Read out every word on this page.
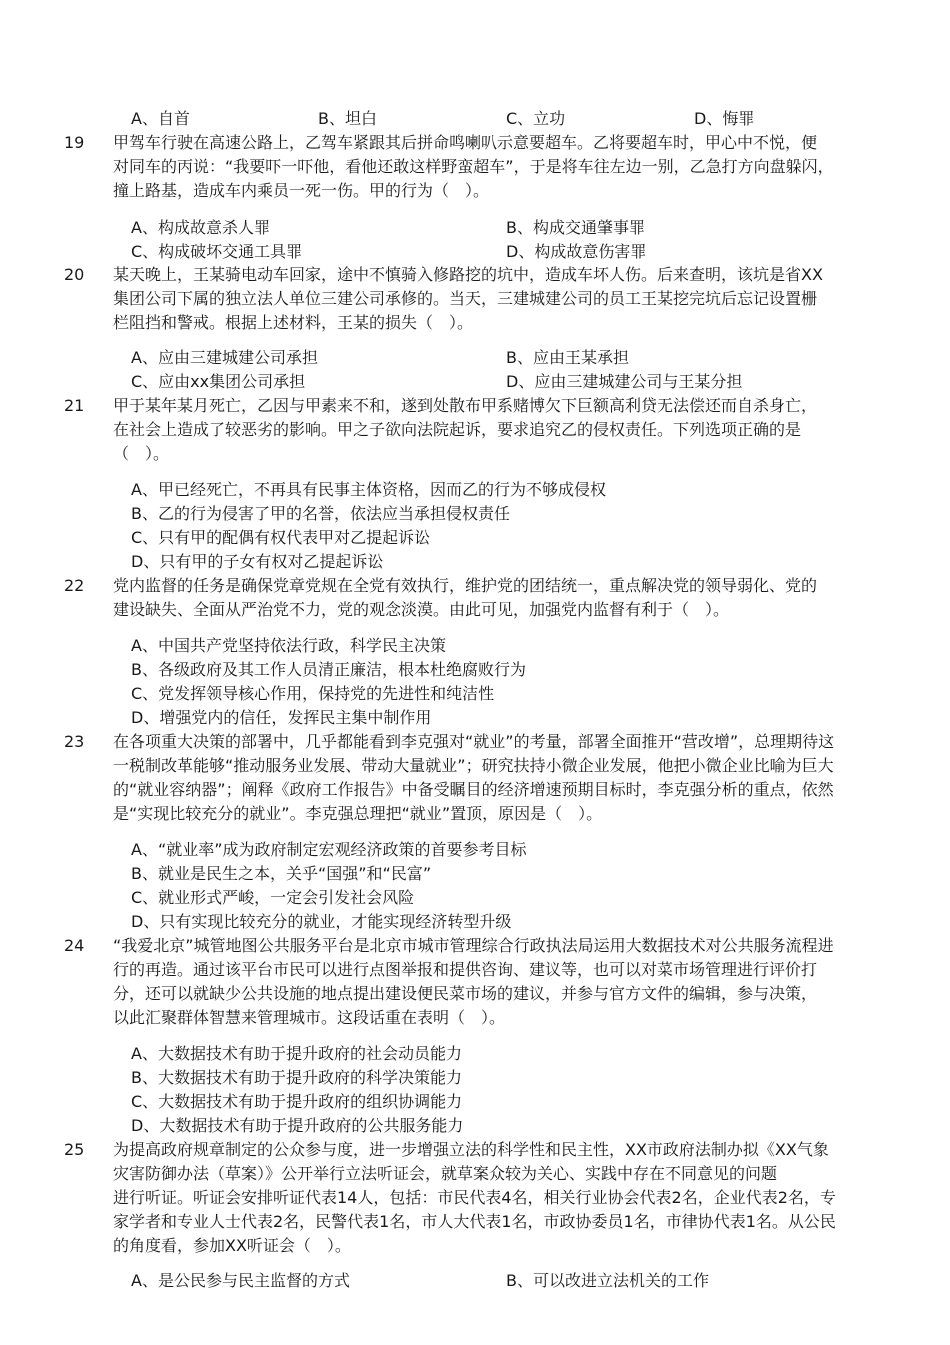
A、自首	B、坦白	C、立功	D、悔罪
19 甲驾车行驶在高速公路上，乙驾车紧跟其后拼命鸣喇叭示意要超车。乙将要超车时，甲心中不悦，便
对同车的丙说：“我要吓一吓他，看他还敢这样野蛮超车”，于是将车往左边一别，乙急打方向盘躲闪，
撞上路基，造成车内乘员一死一伤。甲的行为（　）。
A、构成故意杀人罪	B、构成交通肇事罪
C、构成破坏交通工具罪	D、构成故意伤害罪
20 某天晚上，王某骑电动车回家，途中不慎骑入修路挖的坑中，造成车坏人伤。后来查明，该坑是省XX
集团公司下属的独立法人单位三建公司承修的。当天，三建城建公司的员工王某挖完坑后忘记设置栅
栏阻挡和警戒。根据上述材料，王某的损失（　）。
A、应由三建城建公司承担	B、应由王某承担
C、应由xx集团公司承担	D、应由三建城建公司与王某分担
21 甲于某年某月死亡，乙因与甲素来不和，遂到处散布甲系赌博欠下巨额高利贷无法偿还而自杀身亡，
在社会上造成了较恶劣的影响。甲之子欲向法院起诉，要求追究乙的侵权责任。下列选项正确的是
（　）。
A、甲已经死亡，不再具有民事主体资格，因而乙的行为不够成侵权
B、乙的行为侵害了甲的名誉，依法应当承担侵权责任
C、只有甲的配偶有权代表甲对乙提起诉讼
D、只有甲的子女有权对乙提起诉讼
22 党内监督的任务是确保党章党规在全党有效执行，维护党的团结统一，重点解决党的领导弱化、党的
建设缺失、全面从严治党不力，党的观念淡漠。由此可见，加强党内监督有利于（　）。
A、中国共产党坚持依法行政，科学民主决策
B、各级政府及其工作人员清正廉洁，根本杜绝腐败行为
C、党发挥领导核心作用，保持党的先进性和纯洁性
D、增强党内的信任，发挥民主集中制作用
23 在各项重大决策的部署中，几乎都能看到李克强对“就业”的考量，部署全面推开“营改增”，总理期待这
一税制改革能够“推动服务业发展、带动大量就业”；研究扶持小微企业发展，他把小微企业比喻为巨大
的“就业容纳器”；阐释《政府工作报告》中备受瞩目的经济增速预期目标时，李克强分析的重点，依然
是“实现比较充分的就业”。李克强总理把“就业”置顶，原因是（　）。
A、“就业率”成为政府制定宏观经济政策的首要参考目标
B、就业是民生之本，关乎“国强”和“民富”
C、就业形式严峻，一定会引发社会风险
D、只有实现比较充分的就业，才能实现经济转型升级
24 “我爱北京”城管地图公共服务平台是北京市城市管理综合行政执法局运用大数据技术对公共服务流程进
行的再造。通过该平台市民可以进行点图举报和提供咨询、建议等，也可以对菜市场管理进行评价打
分，还可以就缺少公共设施的地点提出建设便民菜市场的建议，并参与官方文件的编辑，参与决策，
以此汇聚群体智慧来管理城市。这段话重在表明（　）。
A、大数据技术有助于提升政府的社会动员能力
B、大数据技术有助于提升政府的科学决策能力
C、大数据技术有助于提升政府的组织协调能力
D、大数据技术有助于提升政府的公共服务能力
25 为提高政府规章制定的公众参与度，进一步增强立法的科学性和民主性，XX市政府法制办拟《XX气象
灾害防御办法（草案）》公开举行立法听证会，就草案众较为关心、实践中存在不同意见的问题
进行听证。听证会安排听证代表14人，包括：市民代表4名，相关行业协会代表2名，企业代表2名，专
家学者和专业人士代表2名，民警代表1名，市人大代表1名，市政协委员1名，市律协代表1名。从公民
的角度看，参加XX听证会（　）。
A、是公民参与民主监督的方式	B、可以改进立法机关的工作
